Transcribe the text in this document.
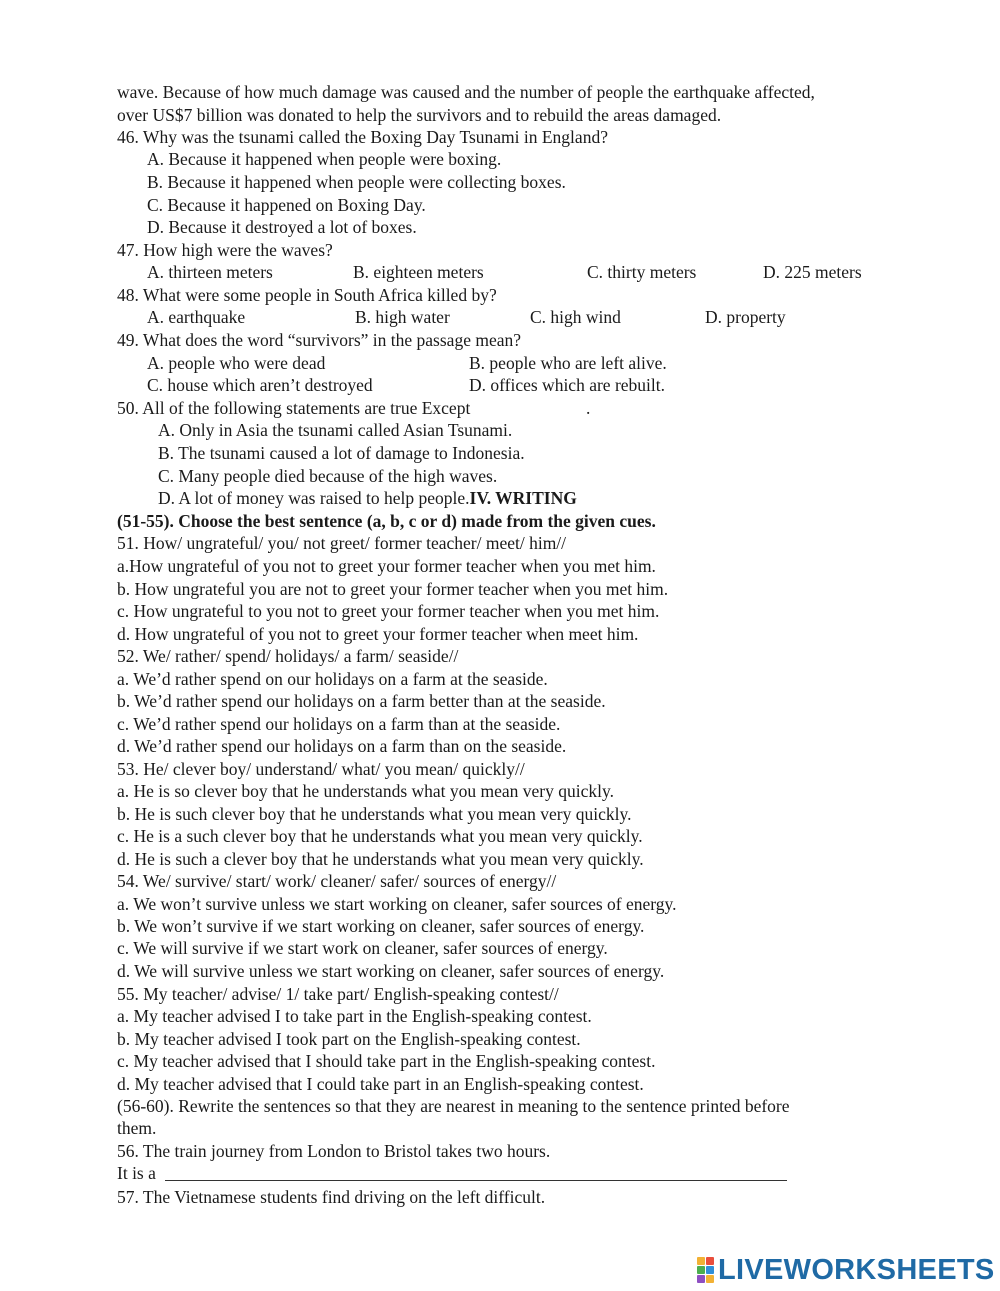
wave. Because of how much damage was caused and the number of people the earthquake affected,
over US$7 billion was donated to help the survivors and to rebuild the areas damaged.
46. Why was the tsunami called the Boxing Day Tsunami in England?
A. Because it happened when people were boxing.
B. Because it happened when people were collecting boxes.
C. Because it happened on Boxing Day.
D. Because it destroyed a lot of boxes.
47. How high were the waves?
A. thirteen meters	B. eighteen meters	C. thirty meters	D. 225 meters
48. What were some people in South Africa killed by?
A. earthquake	B. high water	C. high wind	D. property
49. What does the word “survivors” in the passage mean?
A. people who were dead	B. people who are left alive.
C. house which aren’t destroyed	D. offices which are rebuilt.
50. All of the following statements are true Except	.
A. Only in Asia the tsunami called Asian Tsunami.
B. The tsunami caused a lot of damage to Indonesia.
C. Many people died because of the high waves.
D. A lot of money was raised to help people.IV. WRITING
(51-55). Choose the best sentence (a, b, c or d) made from the given cues.
51. How/ ungrateful/ you/ not greet/ former teacher/ meet/ him//
a.How ungrateful of you not to greet your former teacher when you met him.
b. How ungrateful you are not to greet your former teacher when you met him.
c. How ungrateful to you not to greet your former teacher when you met him.
d. How ungrateful of you not to greet your former teacher when meet him.
52. We/ rather/ spend/ holidays/ a farm/ seaside//
a. We’d rather spend on our holidays on a farm at the seaside.
b. We’d rather spend our holidays on a farm better than at the seaside.
c. We’d rather spend our holidays on a farm than at the seaside.
d. We’d rather spend our holidays on a farm than on the seaside.
53. He/ clever boy/ understand/ what/ you mean/ quickly//
a. He is so clever boy that he understands what you mean very quickly.
b. He is such clever boy that he understands what you mean very quickly.
c. He is a such clever boy that he understands what you mean very quickly.
d. He is such a clever boy that he understands what you mean very quickly.
54. We/ survive/ start/ work/ cleaner/ safer/ sources of energy//
a. We won’t survive unless we start working on cleaner, safer sources of energy.
b. We won’t survive if we start working on cleaner, safer sources of energy.
c. We will survive if we start work on cleaner, safer sources of energy.
d. We will survive unless we start working on cleaner, safer sources of energy.
55. My teacher/ advise/ 1/ take part/ English-speaking contest//
a. My teacher advised I to take part in the English-speaking contest.
b. My teacher advised I took part on the English-speaking contest.
c. My teacher advised that I should take part in the English-speaking contest.
d. My teacher advised that I could take part in an English-speaking contest.
(56-60). Rewrite the sentences so that they are nearest in meaning to the sentence printed before
them.
56. The train journey from London to Bristol takes two hours.
It is a
57. The Vietnamese students find driving on the left difficult.
LIVEWORKSHEETS
